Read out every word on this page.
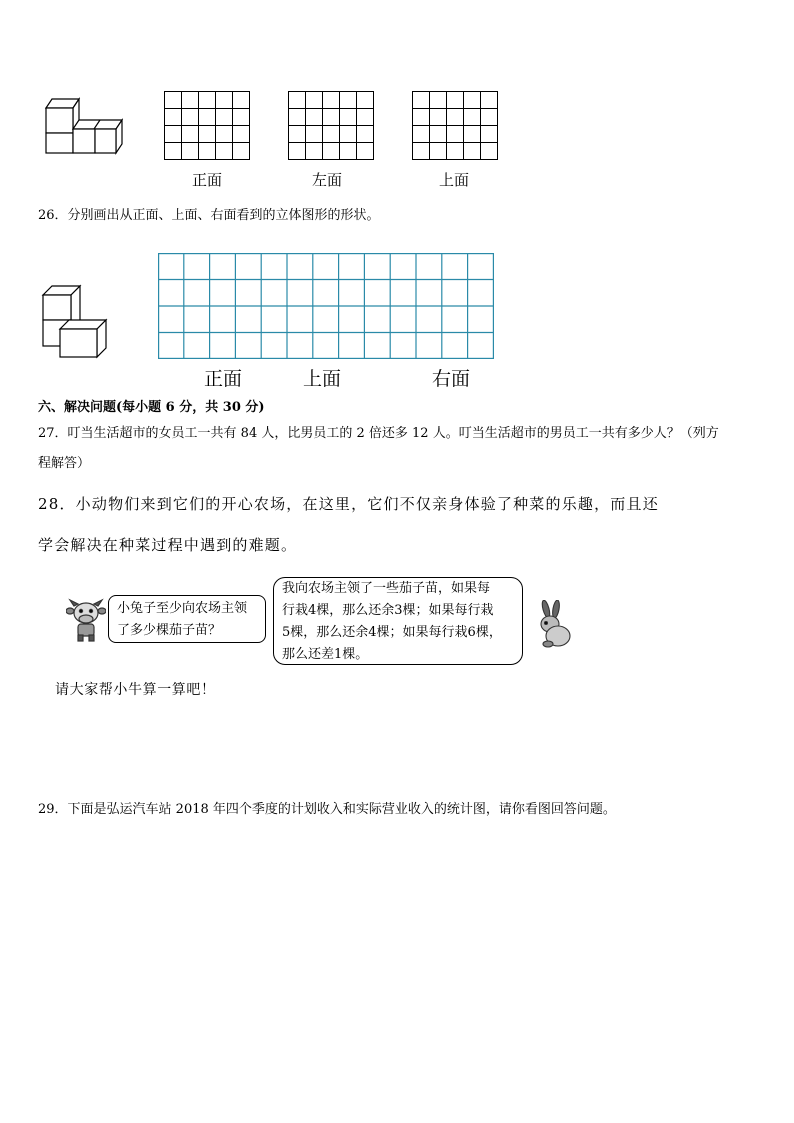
正面	左面	上面
26．分别画出从正面、上面、右面看到的立体图形的形状。
正面	上面	右面
六、解决问题(每小题 6 分，共 30 分)
27．叮当生活超市的女员工一共有 84 人，比男员工的 2 倍还多 12 人。叮当生活超市的男员工一共有多少人？（列方
程解答）
28．小动物们来到它们的开心农场，在这里，它们不仅亲身体验了种菜的乐趣，而且还
学会解决在种菜过程中遇到的难题。
小兔子至少向农场主领
了多少棵茄子苗？
我向农场主领了一些茄子苗，如果每
行栽4棵，那么还余3棵；如果每行栽
5棵，那么还余4棵；如果每行栽6棵，
那么还差1棵。
请大家帮小牛算一算吧！
29．下面是弘运汽车站 2018 年四个季度的计划收入和实际营业收入的统计图，请你看图回答问题。
